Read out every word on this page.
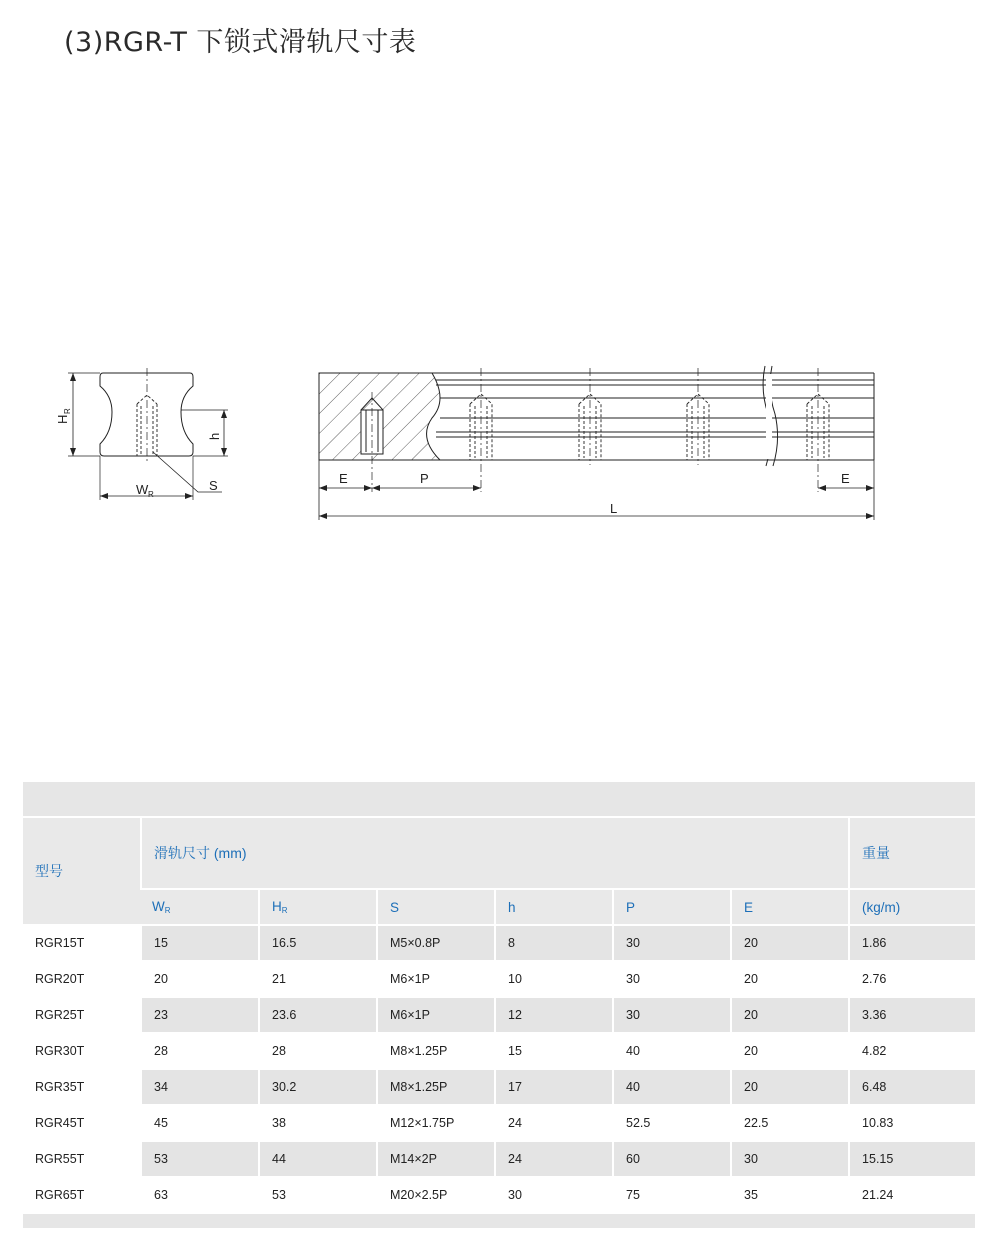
(3)RGR-T 下锁式滑轨尺寸表
H
R
h
W R
S	E	P	E
L
型号	滑轨尺寸 (mm)						重量
	$W_R$	$H_R$	S	h	P	E	(kg/m)
RGR15T	15	16.5	M5×0.8P	8	30	20	1.86
RGR20T	20	21	M6×1P	10	30	20	2.76
RGR25T	23	23.6	M6×1P	12	30	20	3.36
RGR30T	28	28	M8×1.25P	15	40	20	4.82
RGR35T	34	30.2	M8×1.25P	17	40	20	6.48
RGR45T	45	38	M12×1.75P	24	52.5	22.5	10.83
RGR55T	53	44	M14×2P	24	60	30	15.15
RGR65T	63	53	M20×2.5P	30	75	35	21.24
